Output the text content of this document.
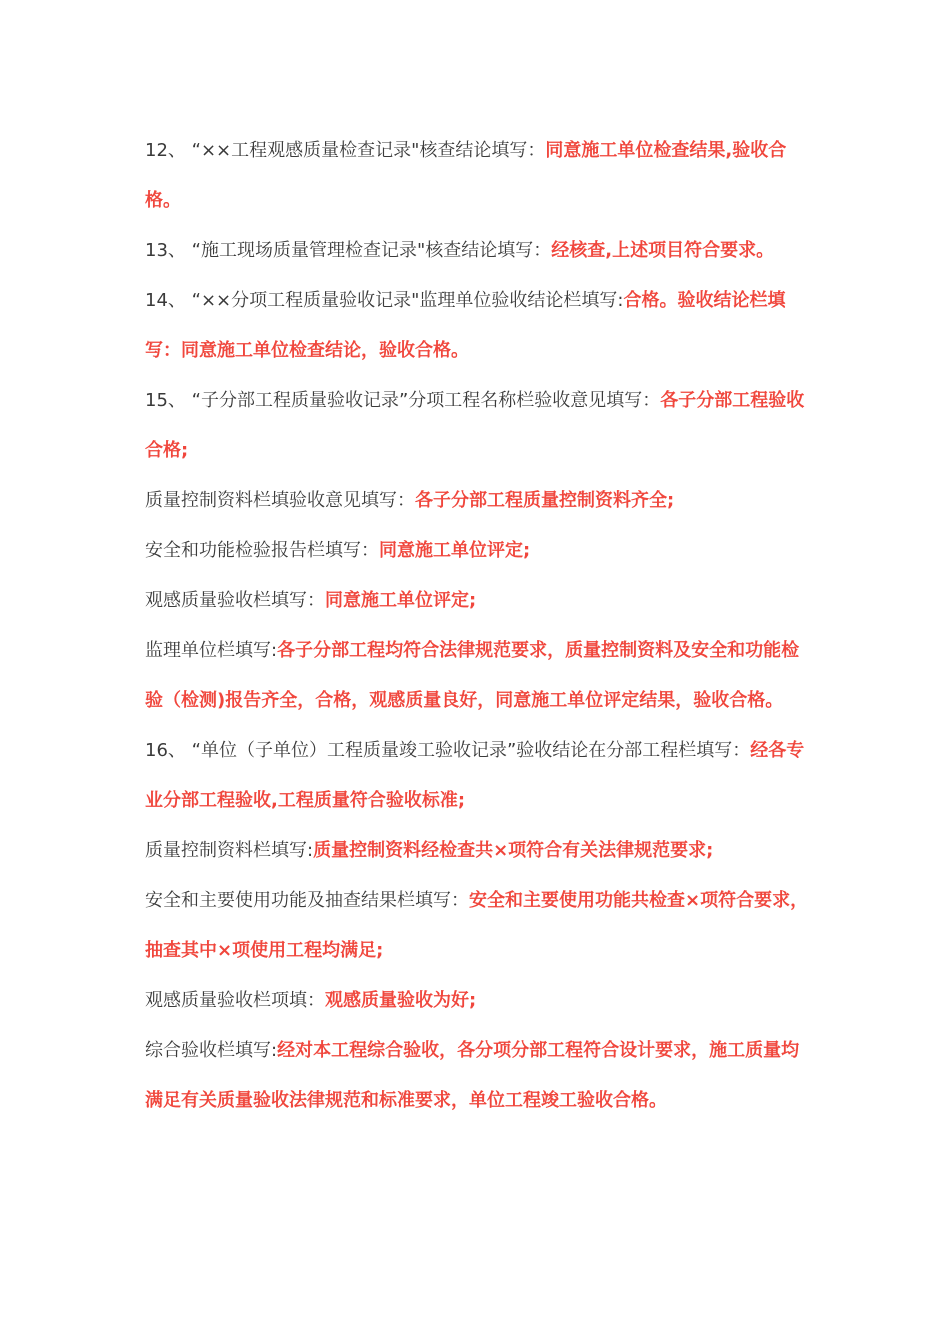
12、 “××工程观感质量检查记录"核查结论填写：同意施工单位检查结果,验收合格。

13、 “施工现场质量管理检查记录"核查结论填写：经核查,上述项目符合要求。

14、 “××分项工程质量验收记录"监理单位验收结论栏填写:合格。验收结论栏填写：同意施工单位检查结论，验收合格。

15、 “子分部工程质量验收记录”分项工程名称栏验收意见填写：各子分部工程验收合格;

质量控制资料栏填验收意见填写：各子分部工程质量控制资料齐全;

安全和功能检验报告栏填写：同意施工单位评定;

观感质量验收栏填写：同意施工单位评定;

监理单位栏填写:各子分部工程均符合法律规范要求，质量控制资料及安全和功能检验（检测)报告齐全，合格，观感质量良好，同意施工单位评定结果，验收合格。

16、 “单位（子单位）工程质量竣工验收记录”验收结论在分部工程栏填写：经各专业分部工程验收,工程质量符合验收标准;

质量控制资料栏填写:质量控制资料经检查共×项符合有关法律规范要求;

安全和主要使用功能及抽查结果栏填写：安全和主要使用功能共检查×项符合要求，抽查其中×项使用工程均满足;

观感质量验收栏项填：观感质量验收为好;

综合验收栏填写:经对本工程综合验收，各分项分部工程符合设计要求，施工质量均满足有关质量验收法律规范和标准要求，单位工程竣工验收合格。
